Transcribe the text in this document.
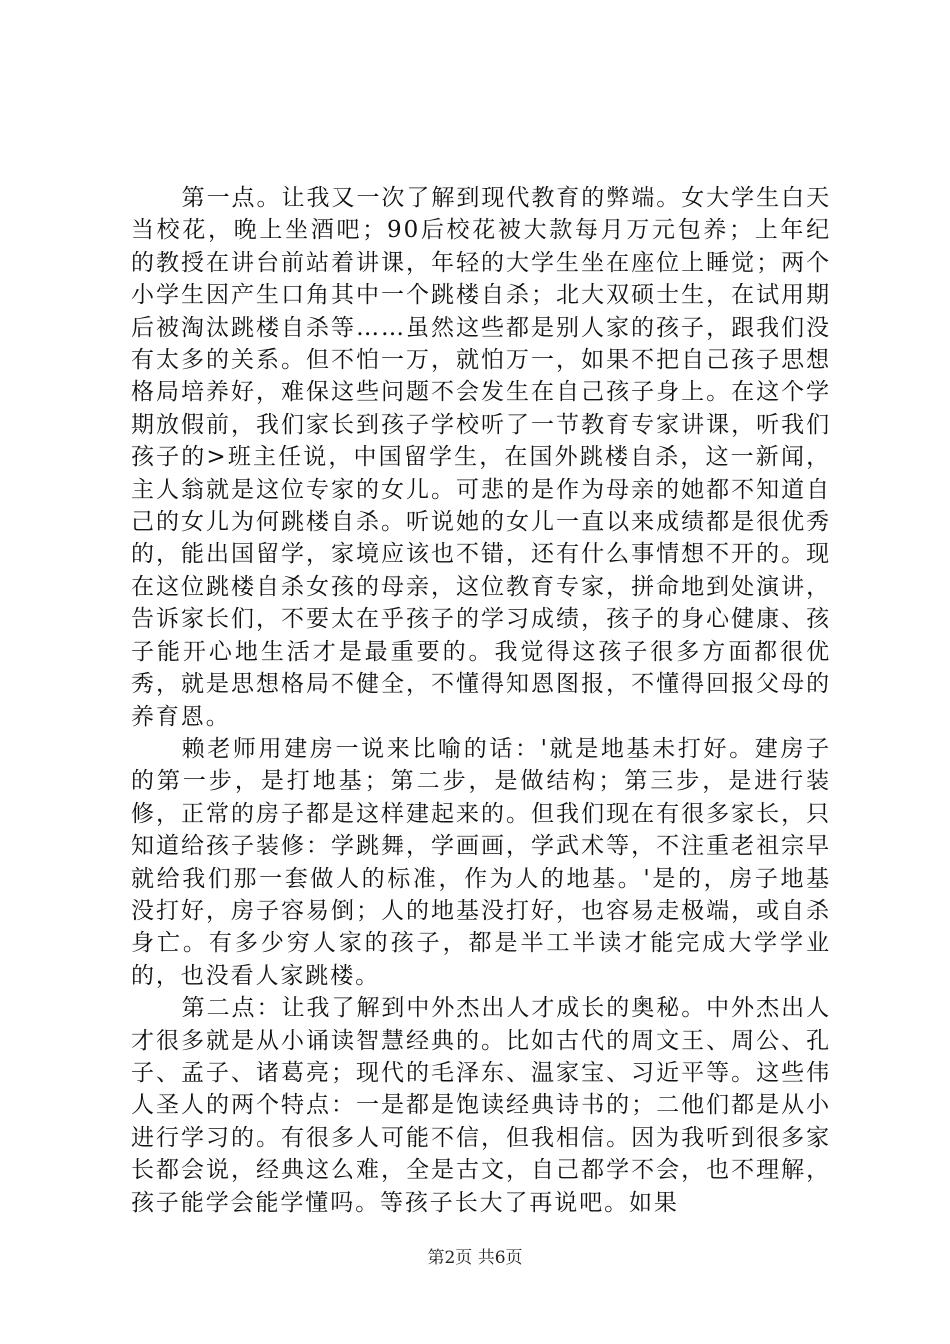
第一点。让我又一次了解到现代教育的弊端。女大学生白天当校花，晚上坐酒吧；90后校花被大款每月万元包养；上年纪的教授在讲台前站着讲课，年轻的大学生坐在座位上睡觉；两个小学生因产生口角其中一个跳楼自杀；北大双硕士生，在试用期后被淘汰跳楼自杀等……虽然这些都是别人家的孩子，跟我们没有太多的关系。但不怕一万，就怕万一，如果不把自己孩子思想格局培养好，难保这些问题不会发生在自己孩子身上。在这个学期放假前，我们家长到孩子学校听了一节教育专家讲课，听我们孩子的>班主任说，中国留学生，在国外跳楼自杀，这一新闻，主人翁就是这位专家的女儿。可悲的是作为母亲的她都不知道自己的女儿为何跳楼自杀。听说她的女儿一直以来成绩都是很优秀的，能出国留学，家境应该也不错，还有什么事情想不开的。现在这位跳楼自杀女孩的母亲，这位教育专家，拼命地到处演讲，告诉家长们，不要太在乎孩子的学习成绩，孩子的身心健康、孩子能开心地生活才是最重要的。我觉得这孩子很多方面都很优秀，就是思想格局不健全，不懂得知恩图报，不懂得回报父母的养育恩。

赖老师用建房一说来比喻的话：'就是地基未打好。建房子的第一步，是打地基；第二步，是做结构；第三步，是进行装修，正常的房子都是这样建起来的。但我们现在有很多家长，只知道给孩子装修：学跳舞，学画画，学武术等，不注重老祖宗早就给我们那一套做人的标准，作为人的地基。'是的，房子地基没打好，房子容易倒；人的地基没打好，也容易走极端，或自杀身亡。有多少穷人家的孩子，都是半工半读才能完成大学学业的，也没看人家跳楼。

第二点：让我了解到中外杰出人才成长的奥秘。中外杰出人才很多就是从小诵读智慧经典的。比如古代的周文王、周公、孔子、孟子、诸葛亮；现代的毛泽东、温家宝、习近平等。这些伟人圣人的两个特点：一是都是饱读经典诗书的；二他们都是从小进行学习的。有很多人可能不信，但我相信。因为我听到很多家长都会说，经典这么难，全是古文，自己都学不会，也不理解，孩子能学会能学懂吗。等孩子长大了再说吧。如果

第2页 共6页
